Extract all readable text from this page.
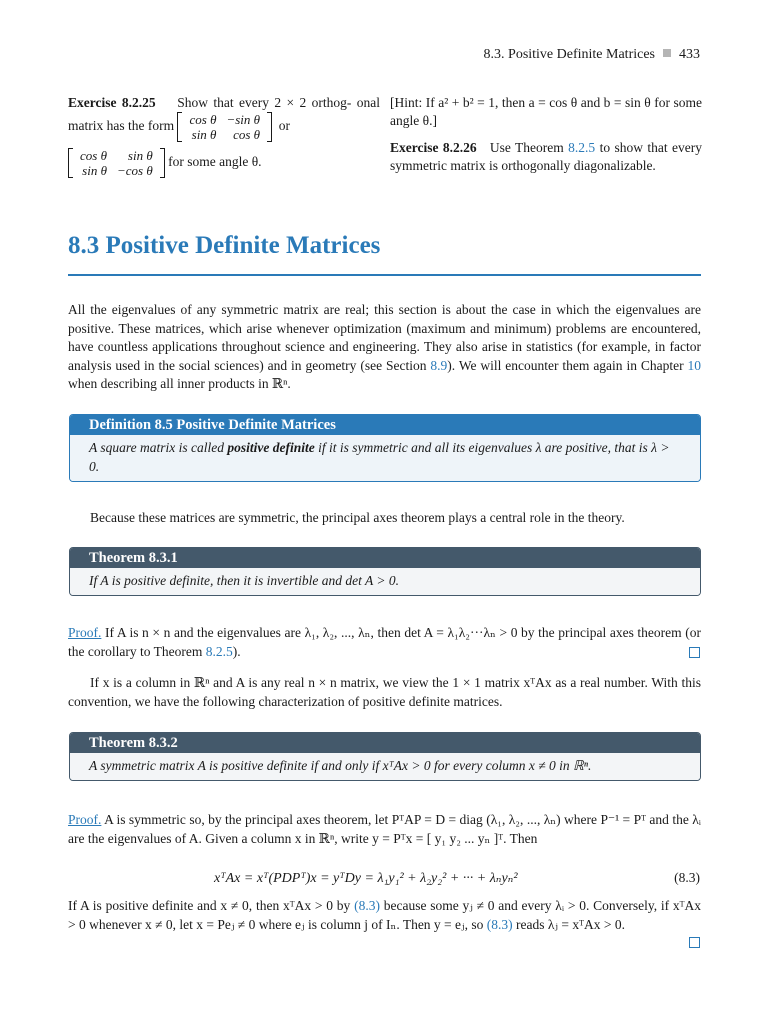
8.3. Positive Definite Matrices 433
Exercise 8.2.25 Show that every 2 × 2 orthog- onal matrix has the form cos θ	−sin θ
sin θ	cos θ
or
cos θ	sin θ
sin θ	−cos θ
for some angle θ.
[Hint: If a² + b² = 1, then a = cos θ and b = sin θ for some angle θ.]
Exercise 8.2.26 Use Theorem 8.2.5 to show that every symmetric matrix is orthogonally diagonalizable.
8.3 Positive Definite Matrices
All the eigenvalues of any symmetric matrix are real; this section is about the case in which the eigenvalues are positive. These matrices, which arise whenever optimization (maximum and minimum) problems are encountered, have countless applications throughout science and engineering. They also arise in statistics (for example, in factor analysis used in the social sciences) and in geometry (see Section 8.9). We will encounter them again in Chapter 10 when describing all inner products in ℝⁿ.
Definition 8.5 Positive Definite Matrices
A square matrix is called positive definite if it is symmetric and all its eigenvalues λ are positive, that is λ > 0.
Because these matrices are symmetric, the principal axes theorem plays a central role in the theory.
Theorem 8.3.1
If A is positive definite, then it is invertible and det A > 0.
Proof. If A is n × n and the eigenvalues are λ₁, λ₂, ..., λₙ, then det A = λ₁λ₂···λₙ > 0 by the principal axes theorem (or the corollary to Theorem 8.2.5).
If x is a column in ℝⁿ and A is any real n × n matrix, we view the 1 × 1 matrix xᵀAx as a real number. With this convention, we have the following characterization of positive definite matrices.
Theorem 8.3.2
A symmetric matrix A is positive definite if and only if xᵀAx > 0 for every column x ≠ 0 in ℝⁿ.
Proof. A is symmetric so, by the principal axes theorem, let PᵀAP = D = diag (λ₁, λ₂, ..., λₙ) where P⁻¹ = Pᵀ and the λᵢ are the eigenvalues of A. Given a column x in ℝⁿ, write y = Pᵀx = [ y₁ y₂ ... yₙ ]ᵀ. Then
xᵀAx = xᵀ(PDPᵀ)x = yᵀDy = λ₁y₁² + λ₂y₂² + ··· + λₙyₙ²	(8.3)
If A is positive definite and x ≠ 0, then xᵀAx > 0 by (8.3) because some yⱼ ≠ 0 and every λᵢ > 0. Conversely, if xᵀAx > 0 whenever x ≠ 0, let x = Peⱼ ≠ 0 where eⱼ is column j of Iₙ. Then y = eⱼ, so (8.3) reads λⱼ = xᵀAx > 0.
